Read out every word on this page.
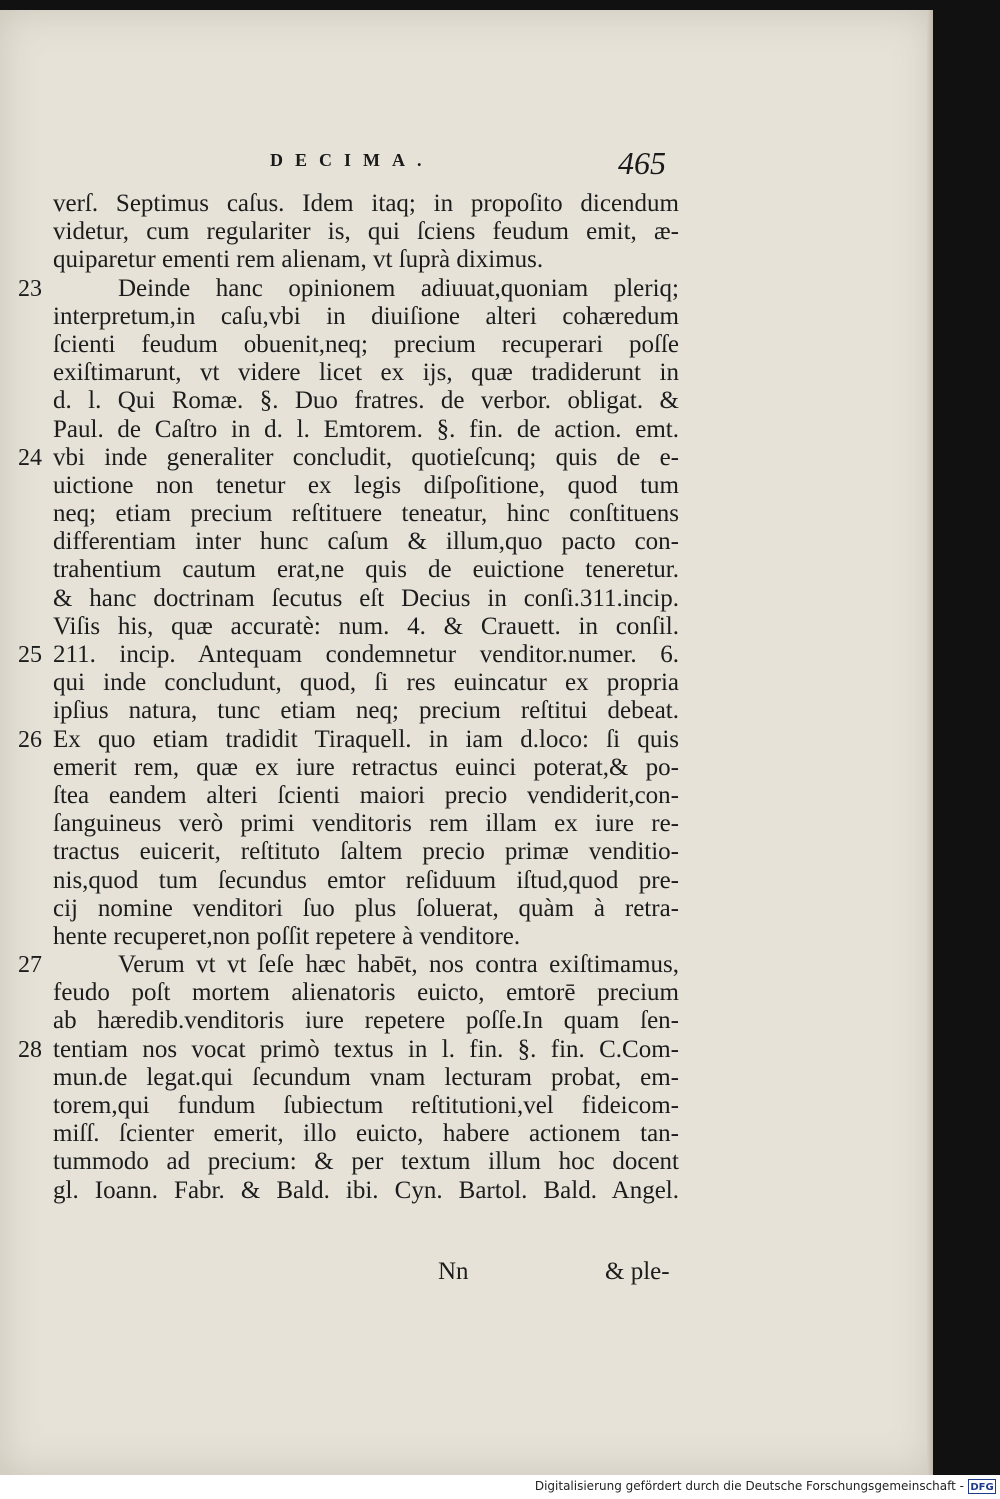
DECIMA.	465
verſ. Septimus caſus. Idem itaq; in propoſito dicendum
videtur, cum regulariter is, qui ſciens feudum emit, æ-
quiparetur ementi rem alienam, vt ſuprà diximus.
23	Deinde hanc opinionem adiuuat,quoniam pleriq;
interpretum,in caſu,vbi in diuiſione alteri cohæredum
ſcienti feudum obuenit,neq; precium recuperari poſſe
exiſtimarunt, vt videre licet ex ijs, quæ tradiderunt in
d. l. Qui Romæ. §. Duo fratres. de verbor. obligat. &
Paul. de Caſtro in d. l. Emtorem. §. fin. de action. emt.
24 vbi inde generaliter concludit, quotieſcunq; quis de e-
uictione non tenetur ex legis diſpoſitione, quod tum
neq; etiam precium reſtituere teneatur, hinc conſtituens
differentiam inter hunc caſum & illum,quo pacto con-
trahentium cautum erat,ne quis de euictione teneretur.
& hanc doctrinam ſecutus eſt Decius in conſi.311.incip.
Viſis his, quæ accuratè: num. 4. & Crauett. in conſil.
25 211. incip. Antequam condemnetur venditor.numer. 6.
qui inde concludunt, quod, ſi res euincatur ex propria
ipſius natura, tunc etiam neq; precium reſtitui debeat.
26 Ex quo etiam tradidit Tiraquell. in iam d.loco: ſi quis
emerit rem, quæ ex iure retractus euinci poterat,& po-
ſtea eandem alteri ſcienti maiori precio vendiderit,con-
ſanguineus verò primi venditoris rem illam ex iure re-
tractus euicerit, reſtituto ſaltem precio primæ venditio-
nis,quod tum ſecundus emtor reſiduum iſtud,quod pre-
cij nomine venditori ſuo plus ſoluerat, quàm à retra-
hente recuperet,non poſſit repetere à venditore.
27	Verum vt vt ſeſe hæc habēt, nos contra exiſtimamus,
feudo poſt mortem alienatoris euicto, emtorē precium
ab hæredib.venditoris iure repetere poſſe.In quam ſen-
28 tentiam nos vocat primò textus in l. fin. §. fin. C.Com-
mun.de legat.qui ſecundum vnam lecturam probat, em-
torem,qui fundum ſubiectum reſtitutioni,vel fideicom-
miſſ. ſcienter emerit, illo euicto, habere actionem tan-
tummodo ad precium: & per textum illum hoc docent
gl. Ioann. Fabr. & Bald. ibi. Cyn. Bartol. Bald. Angel.
Nn	& ple-
Digitalisierung gefördert durch die Deutsche Forschungsgemeinschaft - DFG
